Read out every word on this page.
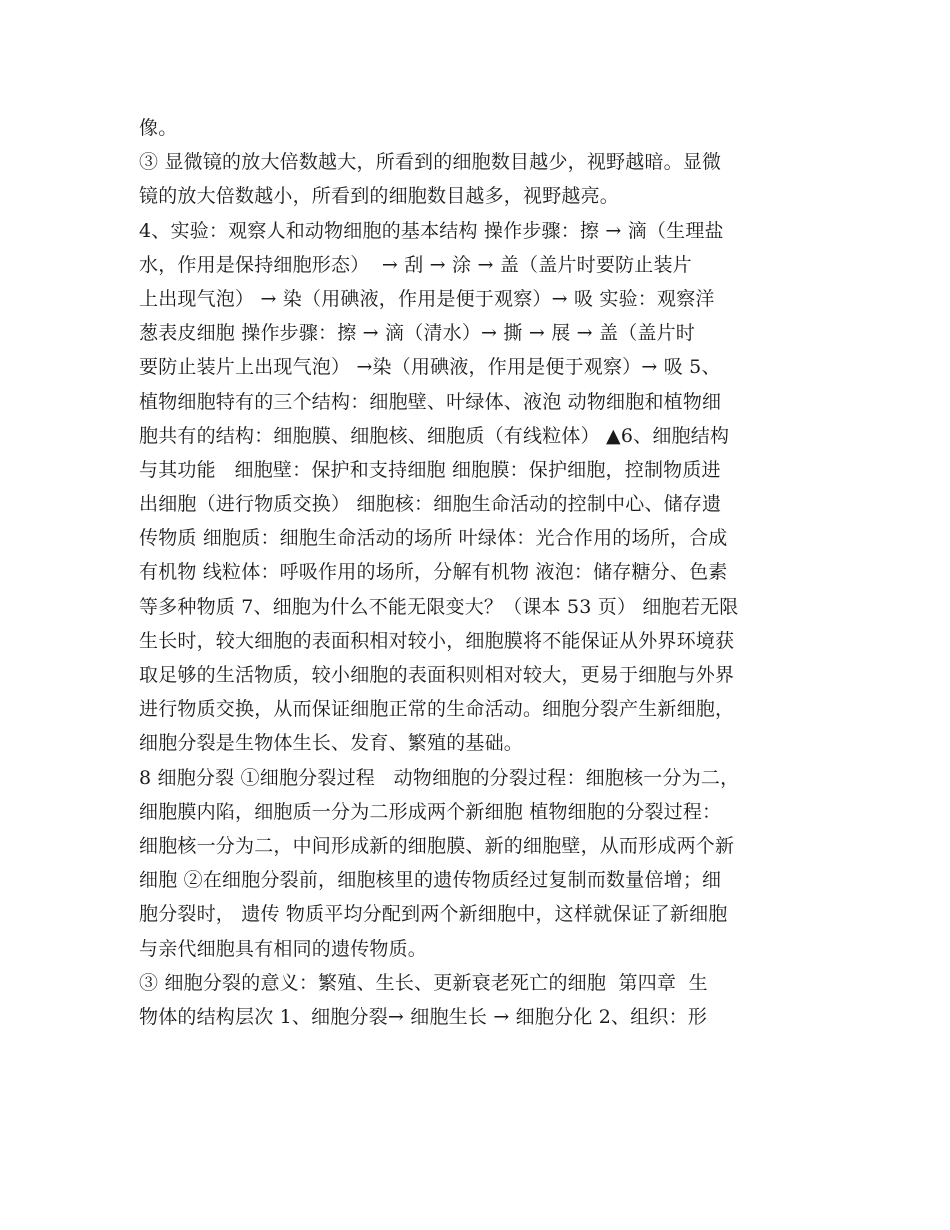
像。
③ 显微镜的放大倍数越大，所看到的细胞数目越少，视野越暗。显微
镜的放大倍数越小，所看到的细胞数目越多，视野越亮。
4、实验：观察人和动物细胞的基本结构 操作步骤：擦 → 滴（生理盐
水，作用是保持细胞形态）  → 刮 → 涂 → 盖（盖片时要防止装片
上出现气泡） → 染（用碘液，作用是便于观察）→ 吸 实验：观察洋
葱表皮细胞 操作步骤：擦 → 滴（清水）→ 撕 → 展 → 盖（盖片时
要防止装片上出现气泡） →染（用碘液，作用是便于观察）→ 吸 5、
植物细胞特有的三个结构：细胞壁、叶绿体、液泡 动物细胞和植物细
胞共有的结构：细胞膜、细胞核、细胞质（有线粒体） ▲6、细胞结构
与其功能   细胞壁：保护和支持细胞 细胞膜：保护细胞，控制物质进
出细胞（进行物质交换） 细胞核：细胞生命活动的控制中心、储存遗
传物质 细胞质：细胞生命活动的场所 叶绿体：光合作用的场所，合成
有机物 线粒体：呼吸作用的场所，分解有机物 液泡：储存糖分、色素
等多种物质 7、细胞为什么不能无限变大？（课本 53 页） 细胞若无限
生长时，较大细胞的表面积相对较小，细胞膜将不能保证从外界环境获
取足够的生活物质，较小细胞的表面积则相对较大，更易于细胞与外界
进行物质交换，从而保证细胞正常的生命活动。细胞分裂产生新细胞，
细胞分裂是生物体生长、发育、繁殖的基础。
8 细胞分裂 ①细胞分裂过程   动物细胞的分裂过程：细胞核一分为二，
细胞膜内陷，细胞质一分为二形成两个新细胞 植物细胞的分裂过程：
细胞核一分为二，中间形成新的细胞膜、新的细胞壁，从而形成两个新
细胞 ②在细胞分裂前，细胞核里的遗传物质经过复制而数量倍增；细
胞分裂时， 遗传 物质平均分配到两个新细胞中，这样就保证了新细胞
与亲代细胞具有相同的遗传物质。
③ 细胞分裂的意义：繁殖、生长、更新衰老死亡的细胞  第四章  生
物体的结构层次 1、细胞分裂→ 细胞生长 → 细胞分化 2、组织：形
